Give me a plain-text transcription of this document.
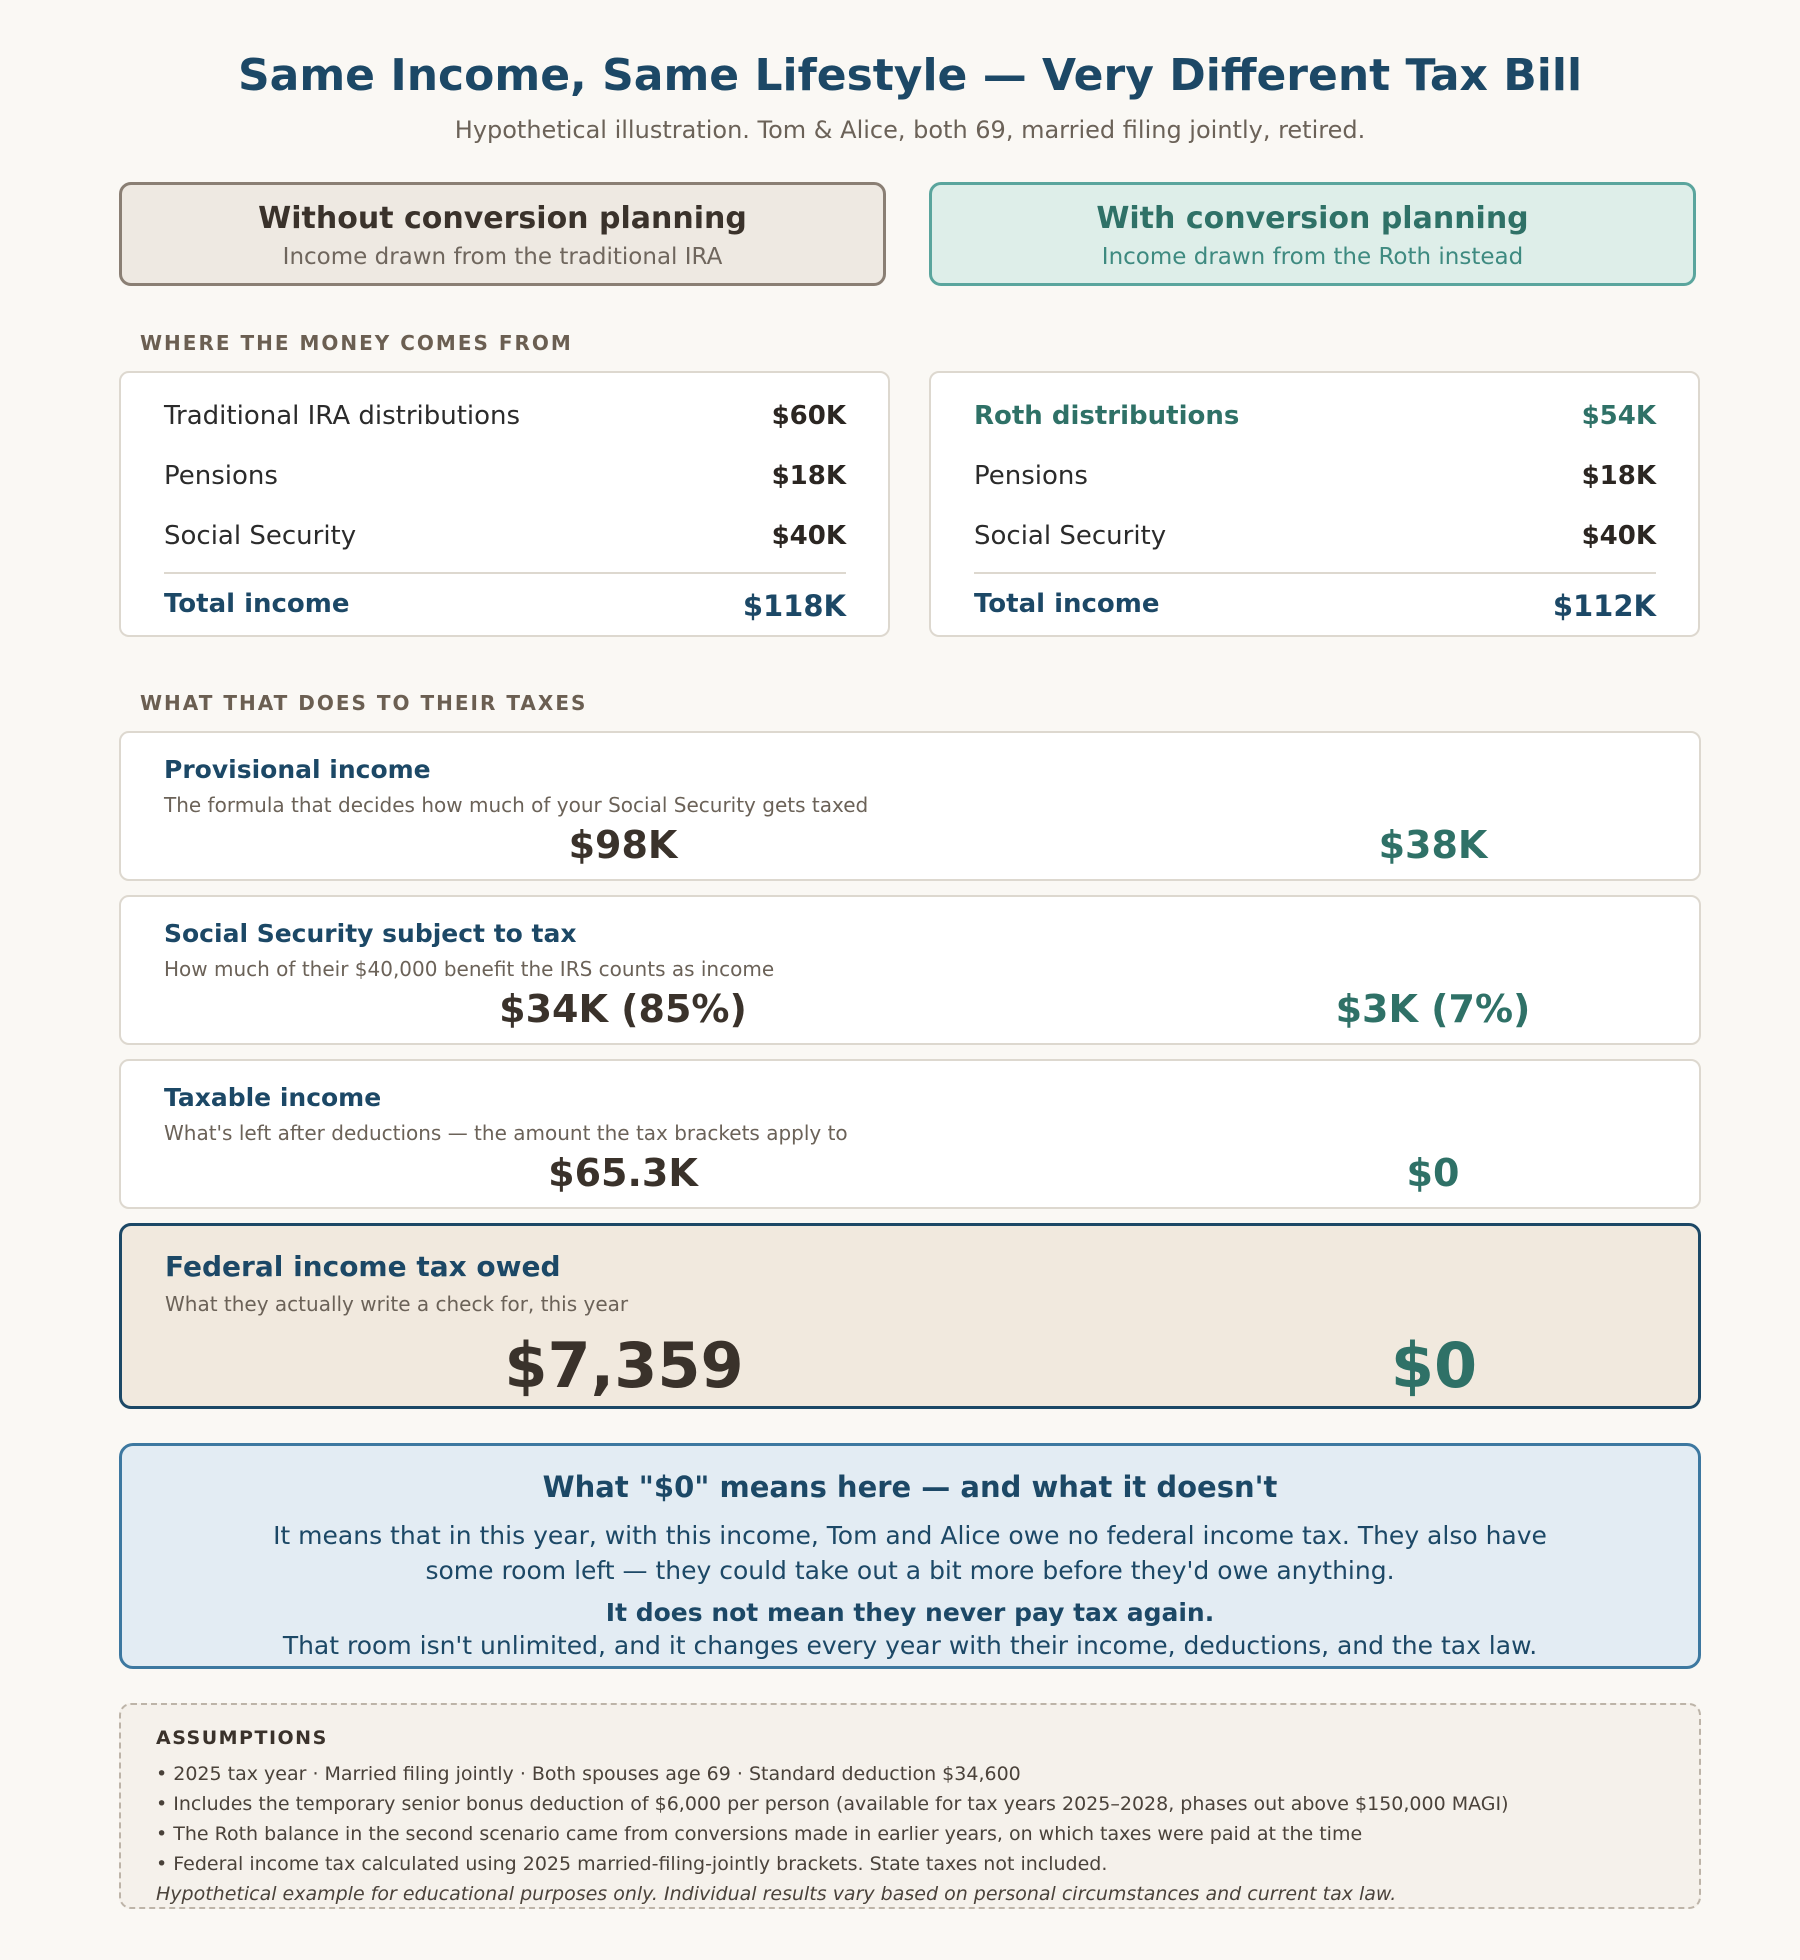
Same Income, Same Lifestyle — Very Different Tax Bill
Hypothetical illustration. Tom & Alice, both 69, married filing jointly, retired.
Without conversion planning
Income drawn from the traditional IRA
With conversion planning
Income drawn from the Roth instead
WHERE THE MONEY COMES FROM
Traditional IRA distributions	$60K
Pensions	$18K
Social Security	$40K
Total income	$118K
Roth distributions	$54K
Pensions	$18K
Social Security	$40K
Total income	$112K
WHAT THAT DOES TO THEIR TAXES
Provisional income
The formula that decides how much of your Social Security gets taxed
$98K	$38K
Social Security subject to tax
How much of their $40,000 benefit the IRS counts as income
$34K (85%)	$3K (7%)
Taxable income
What's left after deductions — the amount the tax brackets apply to
$65.3K	$0
Federal income tax owed
What they actually write a check for, this year
$7,359	$0
What "$0" means here — and what it doesn't
It means that in this year, with this income, Tom and Alice owe no federal income tax. They also have some room left — they could take out a bit more before they'd owe anything.
It does not mean they never pay tax again.
That room isn't unlimited, and it changes every year with their income, deductions, and the tax law.
ASSUMPTIONS
• 2025 tax year · Married filing jointly · Both spouses age 69 · Standard deduction $34,600
• Includes the temporary senior bonus deduction of $6,000 per person (available for tax years 2025–2028, phases out above $150,000 MAGI)
• The Roth balance in the second scenario came from conversions made in earlier years, on which taxes were paid at the time
• Federal income tax calculated using 2025 married-filing-jointly brackets. State taxes not included.
Hypothetical example for educational purposes only. Individual results vary based on personal circumstances and current tax law.
